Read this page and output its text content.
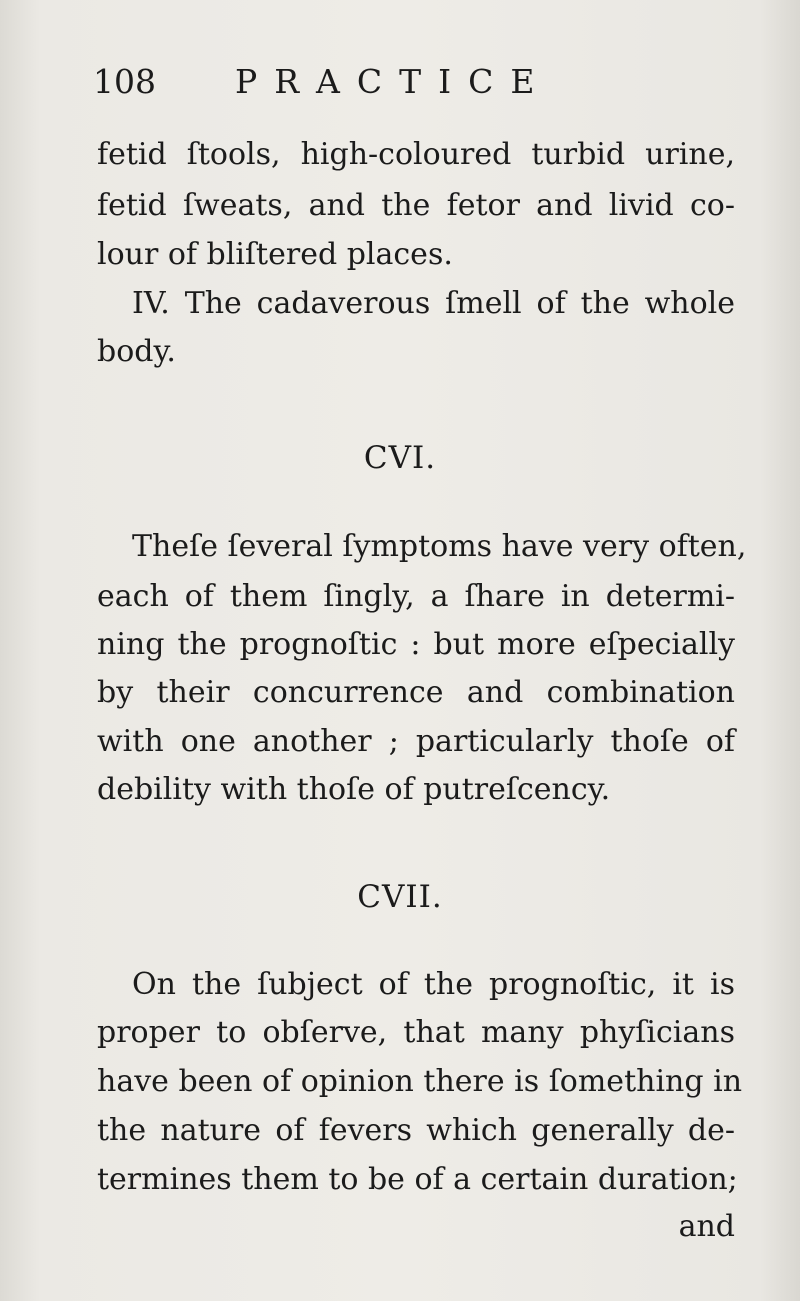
108 PRACTICE
fetid ſtools, high-coloured turbid urine,
fetid ſweats, and the fetor and livid co-
lour of bliſtered places.
IV. The cadaverous ſmell of the whole
body.
CVI.
Theſe ſeveral ſymptoms have very often,
each of them ſingly, a ſhare in determi-
ning the prognoſtic : but more eſpecially
by their concurrence and combination
with one another ; particularly thoſe of
debility with thoſe of putreſcency.
CVII.
On the ſubject of the prognoſtic, it is
proper to obſerve, that many phyſicians
have been of opinion there is ſomething in
the nature of fevers which generally de-
termines them to be of a certain duration;
and
